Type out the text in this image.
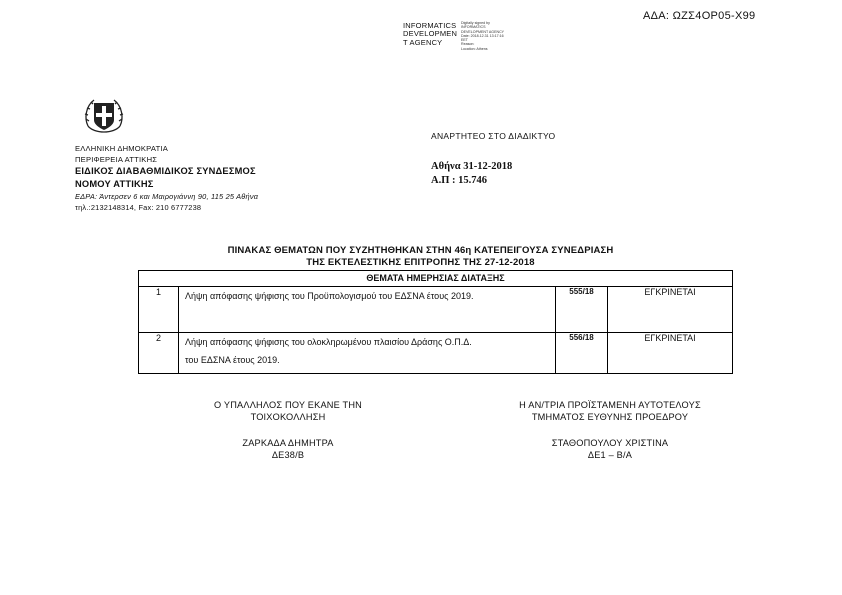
ΑΔΑ: ΩΖΣ4ΟΡ05-Χ99
INFORMATICS
DEVELOPMEN
T AGENCY
Digitally signed by
INFORMATICS
DEVELOPMENT AGENCY
Date: 2018.12.31 13:17:16
EET
Reason:
Location: Athens
ΕΛΛΗΝΙΚΗ ΔΗΜΟΚΡΑΤΙΑ
ΠΕΡΙΦΕΡΕΙΑ ΑΤΤΙΚΗΣ
ΕΙΔΙΚΟΣ ΔΙΑΒΑΘΜΙΔΙΚΟΣ ΣΥΝΔΕΣΜΟΣ
ΝΟΜΟΥ ΑΤΤΙΚΗΣ
ΕΔΡΑ: Άντερσεν 6 και Μαιρογιάννη 90, 115 25 Αθήνα
τηλ.:2132148314, Fax: 210 6777238
ΑΝΑΡΤΗΤΕΟ ΣΤΟ ΔΙΑΔΙΚΤΥΟ
Αθήνα 31-12-2018
Α.Π : 15.746
ΠΙΝΑΚΑΣ ΘΕΜΑΤΩΝ ΠΟΥ ΣΥΖΗΤΗΘΗΚΑΝ ΣΤΗΝ 46η ΚΑΤΕΠΕΙΓΟΥΣΑ ΣΥΝΕΔΡΙΑΣΗ
ΤΗΣ ΕΚΤΕΛΕΣΤΙΚΗΣ ΕΠΙΤΡΟΠΗΣ ΤΗΣ 27-12-2018
ΘΕΜΑΤΑ ΗΜΕΡΗΣΙΑΣ ΔΙΑΤΑΞΗΣ			
1	Λήψη απόφασης ψήφισης του Προϋπολογισμού του ΕΔΣΝΑ έτους 2019.	555/18	ΕΓΚΡΙΝΕΤΑΙ
2	Λήψη απόφασης ψήφισης του ολοκληρωμένου πλαισίου Δράσης Ο.Π.Δ.
του ΕΔΣΝΑ έτους 2019.	556/18	ΕΓΚΡΙΝΕΤΑΙ
Ο ΥΠΑΛΛΗΛΟΣ ΠΟΥ ΕΚΑΝΕ ΤΗΝ
ΤΟΙΧΟΚΟΛΛΗΣΗ
ΖΑΡΚΑΔΑ ΔΗΜΗΤΡΑ
ΔΕ38/Β
Η ΑΝ/ΤΡΙΑ ΠΡΟΪΣΤΑΜΕΝΗ ΑΥΤΟΤΕΛΟΥΣ
ΤΜΗΜΑΤΟΣ ΕΥΘΥΝΗΣ ΠΡΟΕΔΡΟΥ
ΣΤΑΘΟΠΟΥΛΟΥ ΧΡΙΣΤΙΝΑ
ΔΕ1 – Β/Α
